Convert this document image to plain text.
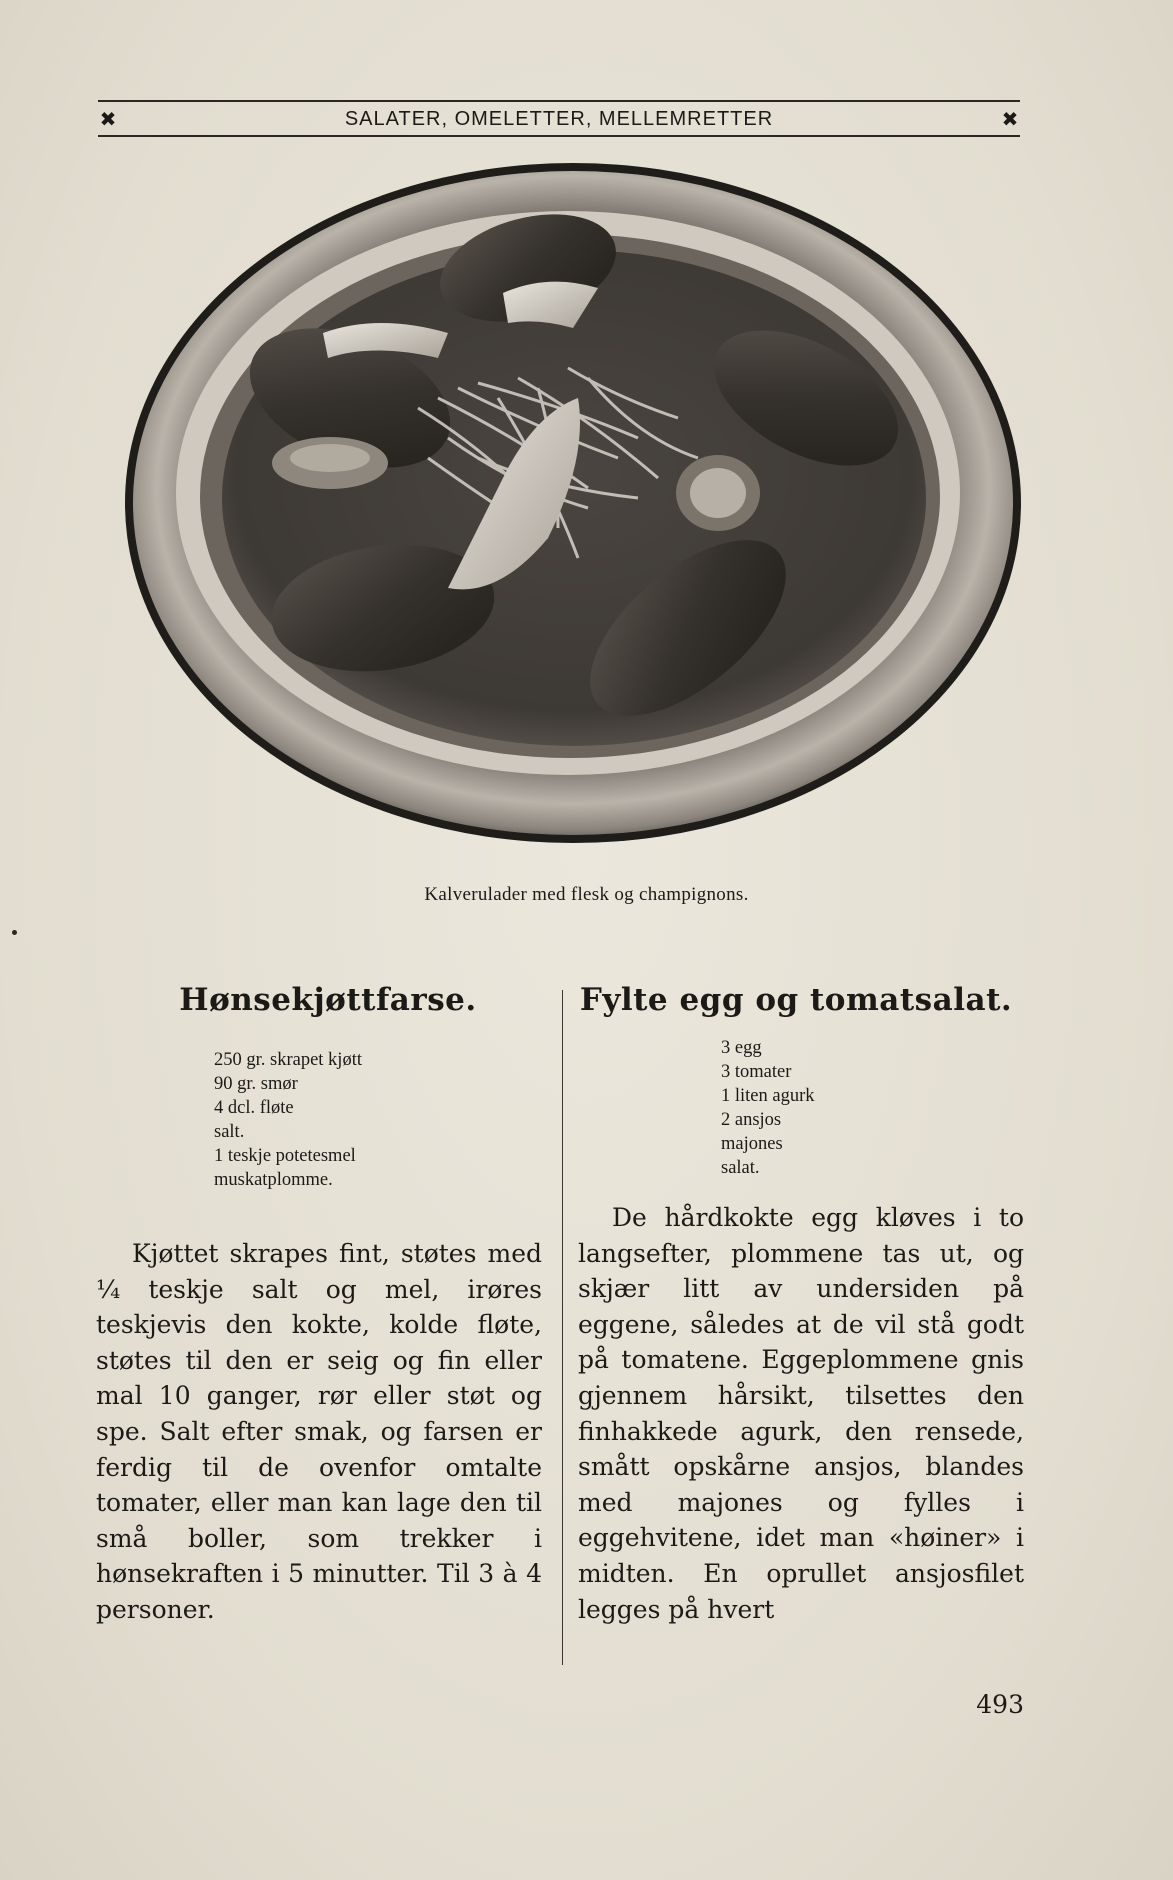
✖	SALATER, OMELETTER, MELLEMRETTER	✖
Kalverulader med flesk og champignons.
Hønsekjøttfarse.
250 gr. skrapet kjøtt
90 gr. smør
4 dcl. fløte
salt.
1 teskje potetesmel
muskatplomme.

Kjøttet skrapes fint, støtes med ¼ teskje salt og mel, irøres teskjevis den kokte, kolde fløte, støtes til den er seig og fin eller mal 10 ganger, rør eller støt og spe. Salt efter smak, og farsen er ferdig til de ovenfor omtalte tomater, eller man kan lage den til små boller, som trekker i hønsekraften i 5 minutter. Til 3 à 4 personer.

Fylte egg og tomatsalat.
3 egg
3 tomater
1 liten agurk
2 ansjos
majones
salat.

De hårdkokte egg kløves i to langsefter, plommene tas ut, og skjær litt av undersiden på eggene, således at de vil stå godt på tomatene. Eggeplommene gnis gjennem hårsikt, tilsettes den finhakkede agurk, den rensede, smått opskårne ansjos, blandes med majones og fylles i eggehvitene, idet man «høiner» i midten. En oprullet ansjosfilet legges på hvert

493
